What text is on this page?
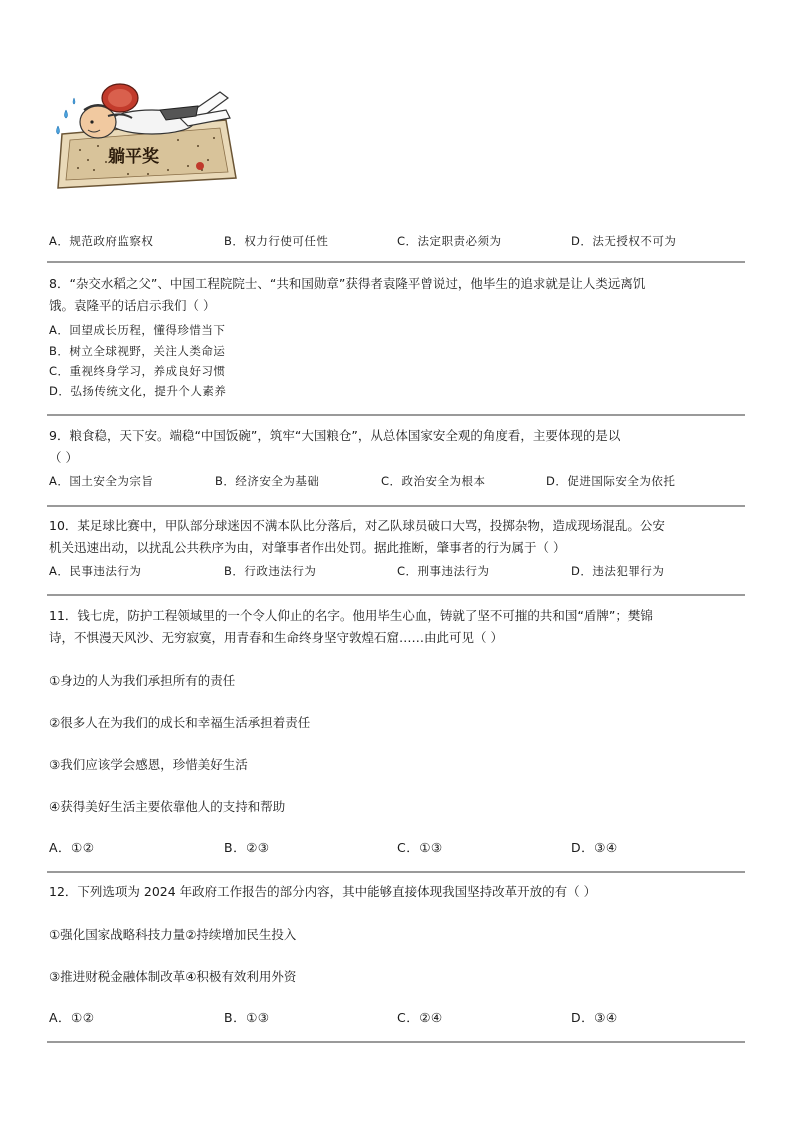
躺平奖
A．规范政府监察权	B．权力行使可任性	C．法定职责必须为	D．法无授权不可为
8．“杂交水稻之父”、中国工程院院士、“共和国勋章”获得者袁隆平曾说过，他毕生的追求就是让人类远离饥
饿。袁隆平的话启示我们（ ）
A．回望成长历程，懂得珍惜当下
B．树立全球视野，关注人类命运
C．重视终身学习，养成良好习惯
D．弘扬传统文化，提升个人素养
9．粮食稳，天下安。端稳“中国饭碗”，筑牢“大国粮仓”，从总体国家安全观的角度看，主要体现的是以
（ ）
A．国土安全为宗旨	B．经济安全为基础	C．政治安全为根本	D．促进国际安全为依托
10．某足球比赛中，甲队部分球迷因不满本队比分落后，对乙队球员破口大骂，投掷杂物，造成现场混乱。公安
机关迅速出动，以扰乱公共秩序为由，对肇事者作出处罚。据此推断，肇事者的行为属于（ ）
A．民事违法行为	B．行政违法行为	C．刑事违法行为	D．违法犯罪行为
11．钱七虎，防护工程领域里的一个令人仰止的名字。他用毕生心血，铸就了坚不可摧的共和国“盾牌”；樊锦
诗，不惧漫天风沙、无穷寂寞，用青春和生命终身坚守敦煌石窟……由此可见（ ）
①身边的人为我们承担所有的责任
②很多人在为我们的成长和幸福生活承担着责任
③我们应该学会感恩，珍惜美好生活
④获得美好生活主要依靠他人的支持和帮助
A．①②	B．②③	C．①③	D．③④
12．下列选项为 2024 年政府工作报告的部分内容，其中能够直接体现我国坚持改革开放的有（ ）
①强化国家战略科技力量②持续增加民生投入
③推进财税金融体制改革④积极有效利用外资
A．①②	B．①③	C．②④	D．③④
